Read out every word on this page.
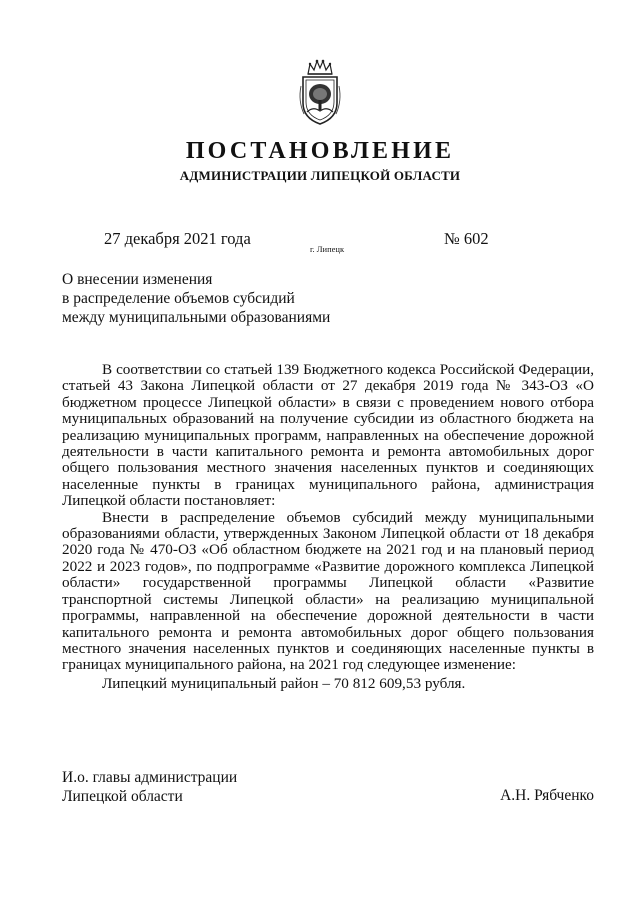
ПОСТАНОВЛЕНИЕ
АДМИНИСТРАЦИИ ЛИПЕЦКОЙ ОБЛАСТИ
27 декабря 2021 года
г. Липецк
№ 602
О внесении изменения
в распределение объемов субсидий
между муниципальными образованиями

В соответствии со статьей 139 Бюджетного кодекса Российской Федерации, статьей 43 Закона Липецкой области от 27 декабря 2019 года № 343-ОЗ «О бюджетном процессе Липецкой области» в связи с проведением нового отбора муниципальных образований на получение субсидии из областного бюджета на реализацию муниципальных программ, направленных на обеспечение дорожной деятельности в части капитального ремонта и ремонта автомобильных дорог общего пользования местного значения населенных пунктов и соединяющих населенные пункты в границах муниципального района, администрация Липецкой области постановляет:

Внести в распределение объемов субсидий между муниципальными образованиями области, утвержденных Законом Липецкой области от 18 декабря 2020 года № 470-ОЗ «Об областном бюджете на 2021 год и на плановый период 2022 и 2023 годов», по подпрограмме «Развитие дорожного комплекса Липецкой области» государственной программы Липецкой области «Развитие транспортной системы Липецкой области» на реализацию муниципальной программы, направленной на обеспечение дорожной деятельности в части капитального ремонта и ремонта автомобильных дорог общего пользования местного значения населенных пунктов и соединяющих населенные пункты в границах муниципального района, на 2021 год следующее изменение:

Липецкий муниципальный район – 70 812 609,53 рубля.

И.о. главы администрации
Липецкой области	А.Н. Рябченко
